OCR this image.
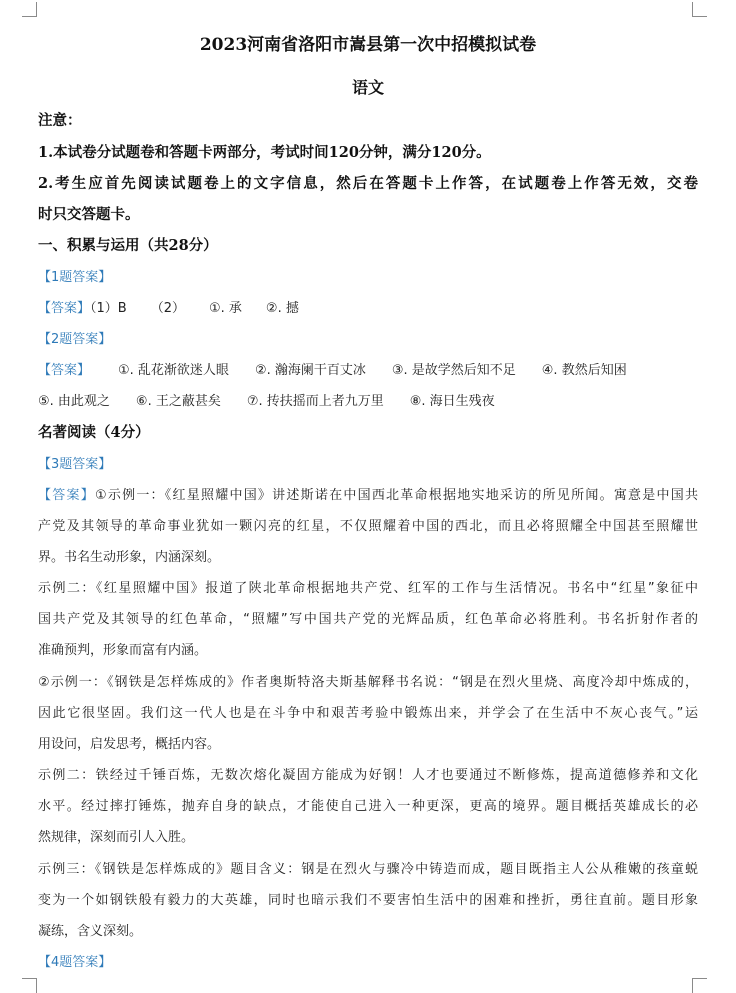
2023河南省洛阳市嵩县第一次中招模拟试卷
语文
注意：
1.本试卷分试题卷和答题卡两部分，考试时间120分钟，满分120分。
2.考生应首先阅读试题卷上的文字信息，然后在答题卡上作答，在试题卷上作答无效，交卷
时只交答题卡。
一、积累与运用（共28分）
【1题答案】
【答案】（1）B （2） ①. 承 ②. 撼
【2题答案】
【答案】 ①. 乱花渐欲迷人眼 ②. 瀚海阑干百丈冰 ③. 是故学然后知不足 ④. 教然后知困
⑤. 由此观之 ⑥. 王之蔽甚矣 ⑦. 抟扶摇而上者九万里 ⑧. 海日生残夜
名著阅读（4分）
【3题答案】
【答案】①示例一：《红星照耀中国》讲述斯诺在中国西北革命根据地实地采访的所见所闻。寓意是中国共
产党及其领导的革命事业犹如一颗闪亮的红星，不仅照耀着中国的西北，而且必将照耀全中国甚至照耀世
界。书名生动形象，内涵深刻。
示例二：《红星照耀中国》报道了陕北革命根据地共产党、红军的工作与生活情况。书名中“红星”象征中
国共产党及其领导的红色革命，“照耀”写中国共产党的光辉品质，红色革命必将胜利。书名折射作者的
准确预判，形象而富有内涵。
②示例一：《钢铁是怎样炼成的》作者奥斯特洛夫斯基解释书名说：“钢是在烈火里烧、高度冷却中炼成的，
因此它很坚固。我们这一代人也是在斗争中和艰苦考验中锻炼出来，并学会了在生活中不灰心丧气。”运
用设问，启发思考，概括内容。
示例二：铁经过千锤百炼，无数次熔化凝固方能成为好钢！人才也要通过不断修炼，提高道德修养和文化
水平。经过摔打锤炼，抛弃自身的缺点，才能使自己进入一种更深，更高的境界。题目概括英雄成长的必
然规律，深刻而引人入胜。
示例三：《钢铁是怎样炼成的》题目含义：钢是在烈火与骤冷中铸造而成，题目既指主人公从稚嫩的孩童蜕
变为一个如钢铁般有毅力的大英雄，同时也暗示我们不要害怕生活中的困难和挫折，勇往直前。题目形象
凝练，含义深刻。
【4题答案】
